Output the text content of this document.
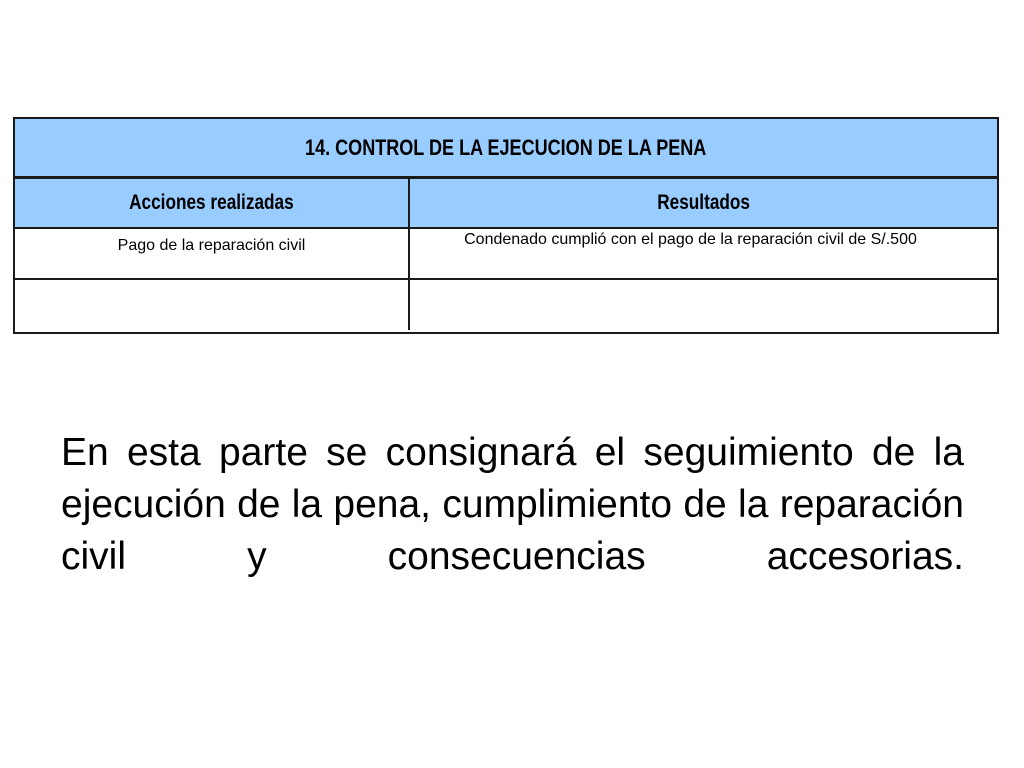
14. CONTROL DE LA EJECUCION DE LA PENA
Acciones realizadas	Resultados
Pago de la reparación civil	Condenado cumplió con el pago de la reparación civil de S/.500

En esta parte se consignará el seguimiento de la ejecución de la pena, cumplimiento de la reparación civil y consecuencias accesorias.
